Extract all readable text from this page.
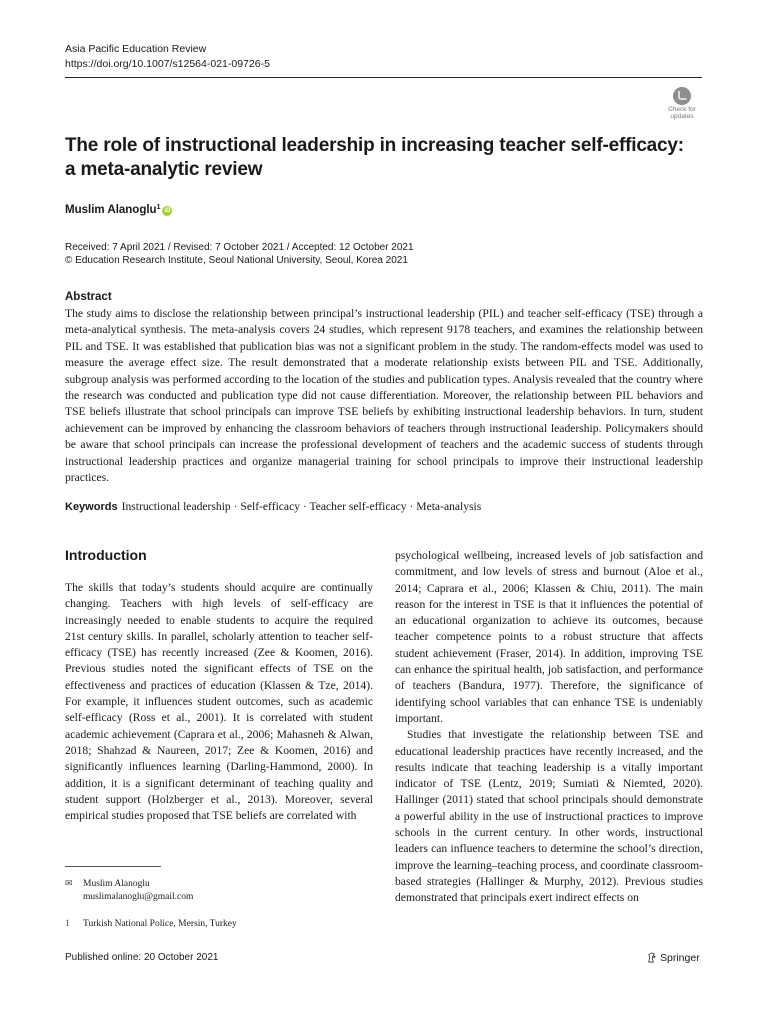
Asia Pacific Education Review
https://doi.org/10.1007/s12564-021-09726-5
Check for
updates
The role of instructional leadership in increasing teacher self-efficacy:
a meta-analytic review
Muslim Alanoglu$^1$ iD
Received: 7 April 2021 / Revised: 7 October 2021 / Accepted: 12 October 2021
© Education Research Institute, Seoul National University, Seoul, Korea 2021
Abstract
The study aims to disclose the relationship between principal’s instructional leadership (PIL) and teacher self-efficacy (TSE) through a meta-analytical synthesis. The meta-analysis covers 24 studies, which represent 9178 teachers, and examines the relationship between PIL and TSE. It was established that publication bias was not a significant problem in the study. The random-effects model was used to measure the average effect size. The result demonstrated that a moderate relationship exists between PIL and TSE. Additionally, subgroup analysis was performed according to the location of the studies and publication types. Analysis revealed that the country where the research was conducted and publication type did not cause differentiation. Moreover, the relationship between PIL behaviors and TSE beliefs illustrate that school principals can improve TSE beliefs by exhibiting instructional leadership behaviors. In turn, student achievement can be improved by enhancing the classroom behaviors of teachers through instructional leadership. Policymakers should be aware that school principals can increase the professional development of teachers and the academic success of students through instructional leadership practices and organize managerial training for school principals to improve their instructional leadership practices.
Keywords Instructional leadership · Self-efficacy · Teacher self-efficacy · Meta-analysis
Introduction

The skills that today’s students should acquire are continually changing. Teachers with high levels of self-efficacy are increasingly needed to enable students to acquire the required 21st century skills. In parallel, scholarly attention to teacher self-efficacy (TSE) has recently increased (Zee & Koomen, 2016). Previous studies noted the significant effects of TSE on the effectiveness and practices of education (Klassen & Tze, 2014). For example, it influences student outcomes, such as academic self-efficacy (Ross et al., 2001). It is correlated with student academic achievement (Caprara et al., 2006; Mahasneh & Alwan, 2018; Shahzad & Naureen, 2017; Zee & Koomen, 2016) and significantly influences learning (Darling-Hammond, 2000). In addition, it is a significant determinant of teaching quality and student support (Holzberger et al., 2013). Moreover, several empirical studies proposed that TSE beliefs are correlated with

psychological wellbeing, increased levels of job satisfaction and commitment, and low levels of stress and burnout (Aloe et al., 2014; Caprara et al., 2006; Klassen & Chiu, 2011). The main reason for the interest in TSE is that it influences the potential of an educational organization to achieve its outcomes, because teacher competence points to a robust structure that affects student achievement (Fraser, 2014). In addition, improving TSE can enhance the spiritual health, job satisfaction, and performance of teachers (Bandura, 1977). Therefore, the significance of identifying school variables that can enhance TSE is undeniably important.

Studies that investigate the relationship between TSE and educational leadership practices have recently increased, and the results indicate that teaching leadership is a vitally important indicator of TSE (Lentz, 2019; Sumiati & Niemted, 2020). Hallinger (2011) stated that school principals should demonstrate a powerful ability in the use of instructional practices to improve schools in the current century. In other words, instructional leaders can influence teachers to determine the school’s direction, improve the learning–teaching process, and coordinate classroom-based strategies (Hallinger & Murphy, 2012). Previous studies demonstrated that principals exert indirect effects on

✉ Muslim Alanoglu
muslimalanoglu@gmail.com
1 Turkish National Police, Mersin, Turkey
Published online: 20 October 2021	Springer
